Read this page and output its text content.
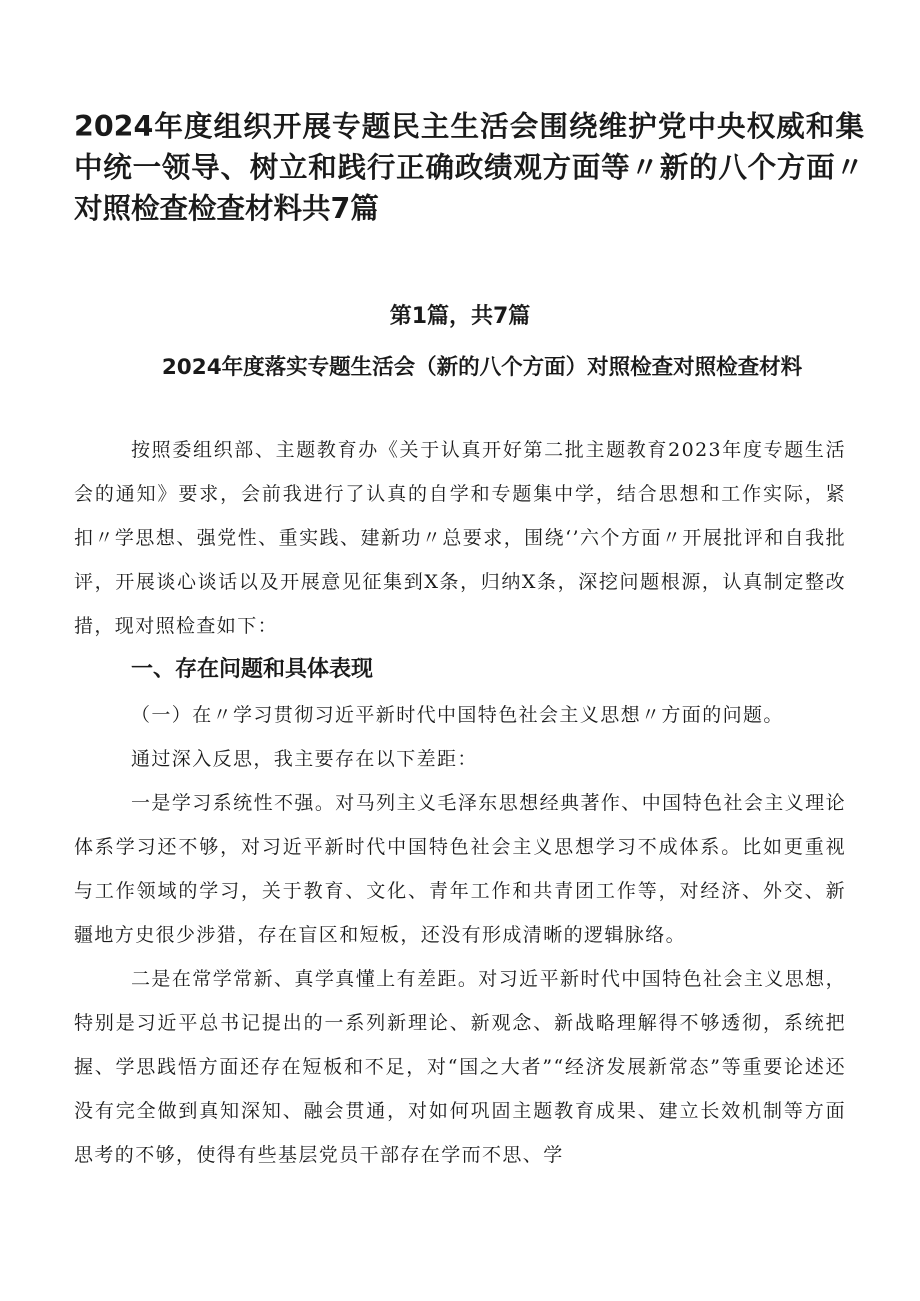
2024年度组织开展专题民主生活会围绕维护党中央权威和集中统一领导、树立和践行正确政绩观方面等〃新的八个方面〃对照检查检查材料共7篇
第1篇，共7篇
2024年度落实专题生活会（新的八个方面）对照检查对照检查材料

按照委组织部、主题教育办《关于认真开好第二批主题教育2023年度专题生活会的通知》要求，会前我进行了认真的自学和专题集中学，结合思想和工作实际，紧扣〃学思想、强党性、重实践、建新功〃总要求，围绕‘’六个方面〃开展批评和自我批评，开展谈心谈话以及开展意见征集到X条，归纳X条，深挖问题根源，认真制定整改措，现对照检查如下：

一、存在问题和具体表现

（一）在〃学习贯彻习近平新时代中国特色社会主义思想〃方面的问题。

通过深入反思，我主要存在以下差距：

一是学习系统性不强。对马列主义毛泽东思想经典著作、中国特色社会主义理论体系学习还不够，对习近平新时代中国特色社会主义思想学习不成体系。比如更重视与工作领域的学习，关于教育、文化、青年工作和共青团工作等，对经济、外交、新疆地方史很少涉猎，存在盲区和短板，还没有形成清晰的逻辑脉络。

二是在常学常新、真学真懂上有差距。对习近平新时代中国特色社会主义思想，特别是习近平总书记提出的一系列新理论、新观念、新战略理解得不够透彻，系统把握、学思践悟方面还存在短板和不足，对“国之大者”“经济发展新常态”等重要论述还没有完全做到真知深知、融会贯通，对如何巩固主题教育成果、建立长效机制等方面思考的不够，使得有些基层党员干部存在学而不思、学
